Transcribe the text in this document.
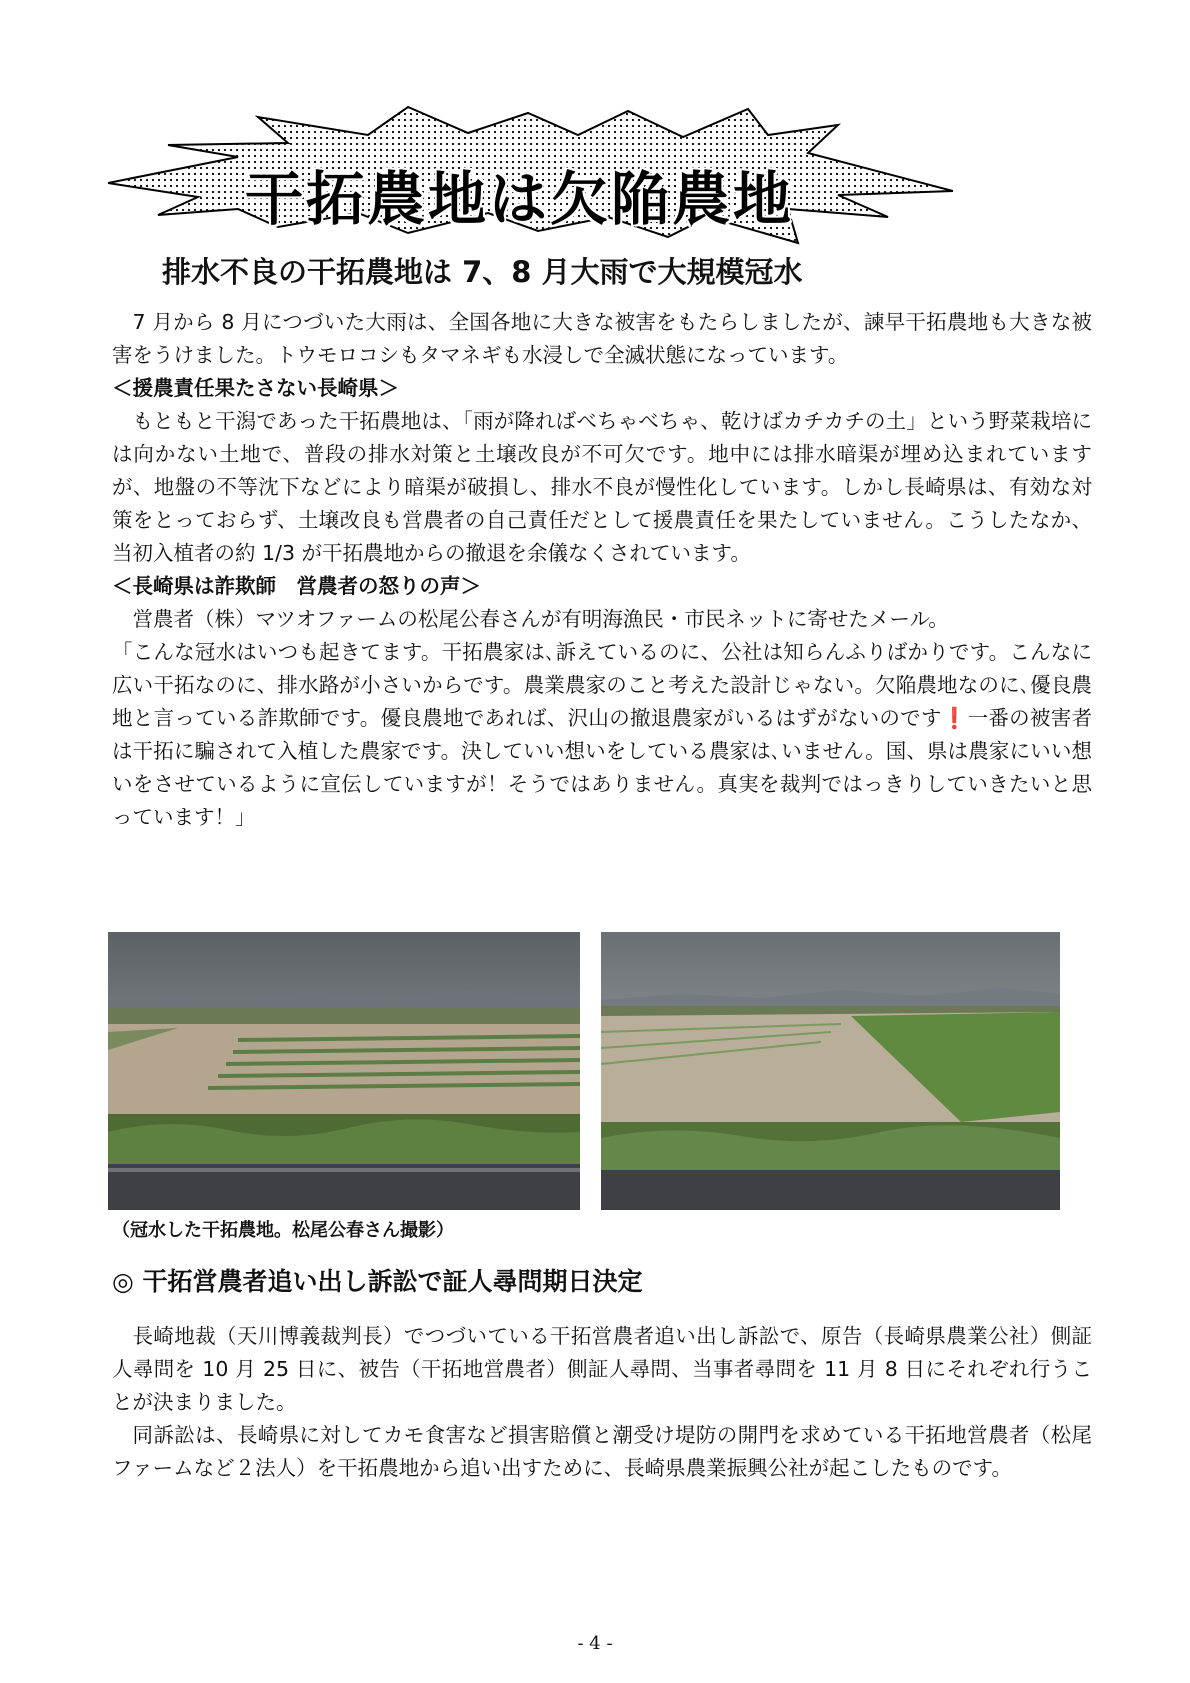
干拓農地は欠陥農地
排水不良の干拓農地は 7、8 月大雨で大規模冠水

7 月から 8 月につづいた大雨は、全国各地に大きな被害をもたらしましたが、諫早干拓農地も大きな被害をうけました。トウモロコシもタマネギも水浸しで全滅状態になっています。

＜援農責任果たさない長崎県＞

もともと干潟であった干拓農地は、「雨が降ればべちゃべちゃ、乾けばカチカチの土」という野菜栽培には向かない土地で、普段の排水対策と土壌改良が不可欠です。地中には排水暗渠が埋め込まれていますが、地盤の不等沈下などにより暗渠が破損し、排水不良が慢性化しています。しかし長崎県は、有効な対策をとっておらず、土壌改良も営農者の自己責任だとして援農責任を果たしていません。こうしたなか、当初入植者の約 1/3 が干拓農地からの撤退を余儀なくされています。

＜長崎県は詐欺師　営農者の怒りの声＞

営農者（株）マツオファームの松尾公春さんが有明海漁民・市民ネットに寄せたメール。

「こんな冠水はいつも起きてます。干拓農家は､訴えているのに、公社は知らんふりばかりです。こんなに広い干拓なのに、排水路が小さいからです。農業農家のこと考えた設計じゃない。欠陥農地なのに､優良農地と言っている詐欺師です。優良農地であれば、沢山の撤退農家がいるはずがないのです❗一番の被害者は干拓に騙されて入植した農家です。決していい想いをしている農家は､いません。国、県は農家にいい想いをさせているように宣伝していますが！そうではありません。真実を裁判ではっきりしていきたいと思っています！」

（冠水した干拓農地。松尾公春さん撮影）
◎ 干拓営農者追い出し訴訟で証人尋問期日決定

長崎地裁（天川博義裁判長）でつづいている干拓営農者追い出し訴訟で、原告（長崎県農業公社）側証人尋問を 10 月 25 日に、被告（干拓地営農者）側証人尋問、当事者尋問を 11 月 8 日にそれぞれ行うことが決まりました。

同訴訟は、長崎県に対してカモ食害など損害賠償と潮受け堤防の開門を求めている干拓地営農者（松尾ファームなど２法人）を干拓農地から追い出すために、長崎県農業振興公社が起こしたものです。

- 4 -
